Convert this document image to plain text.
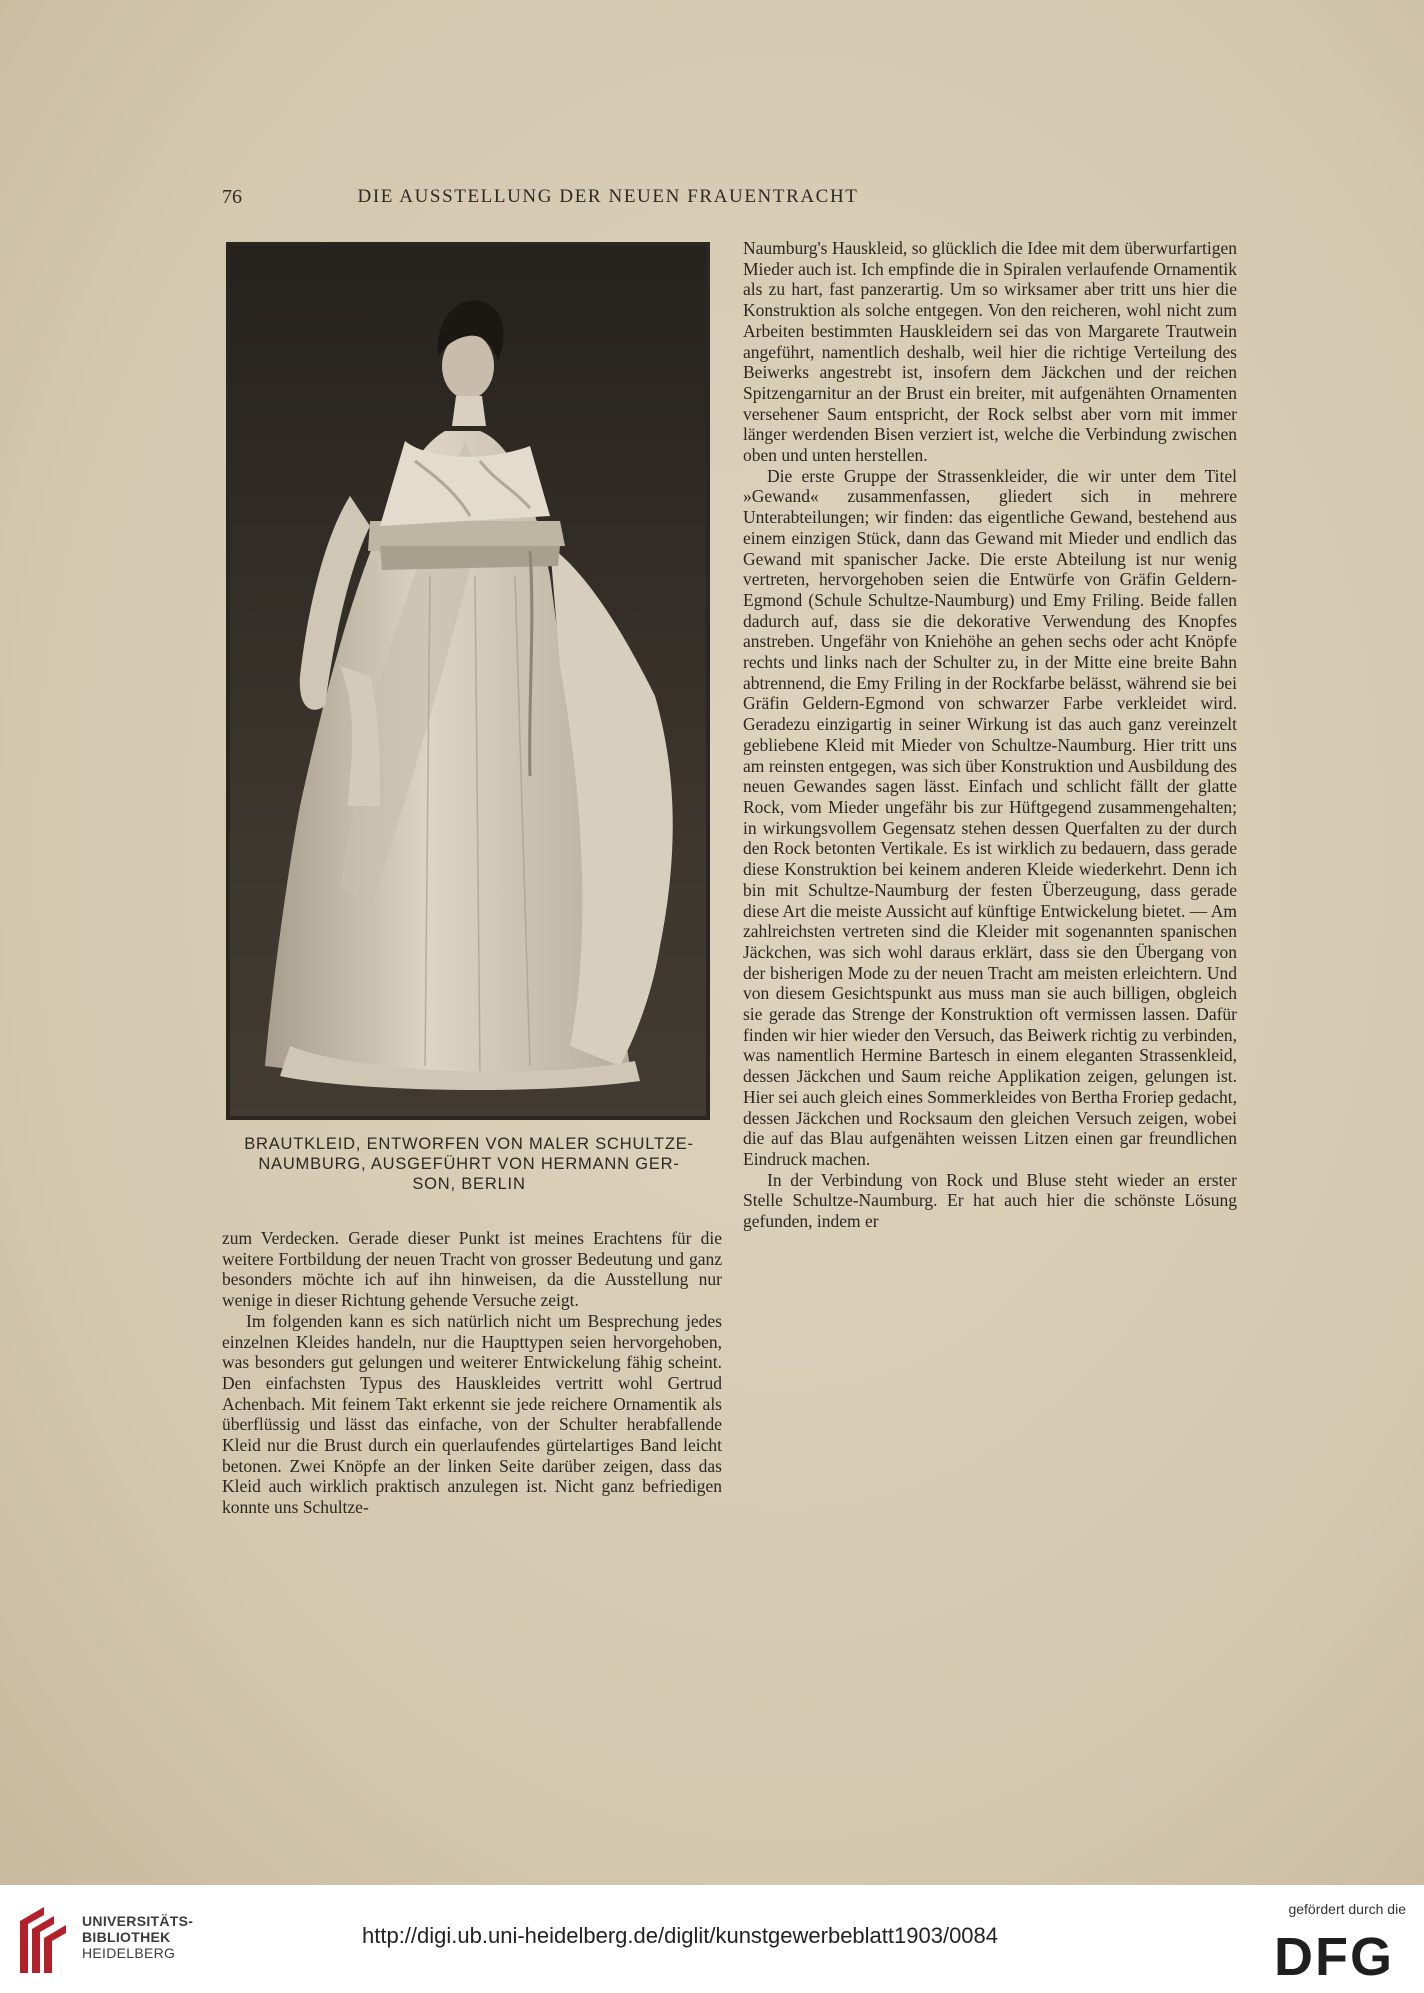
76	DIE AUSSTELLUNG DER NEUEN FRAUENTRACHT
BRAUTKLEID, ENTWORFEN VON MALER SCHULTZE-
NAUMBURG, AUSGEFÜHRT VON HERMANN GER-
SON, BERLIN

zum Verdecken. Gerade dieser Punkt ist meines Erachtens für die weitere Fortbildung der neuen Tracht von grosser Bedeutung und ganz besonders möchte ich auf ihn hinweisen, da die Ausstellung nur wenige in dieser Richtung gehende Versuche zeigt.

Im folgenden kann es sich natürlich nicht um Besprechung jedes einzelnen Kleides handeln, nur die Haupttypen seien hervorgehoben, was besonders gut gelungen und weiterer Entwickelung fähig scheint. Den einfachsten Typus des Hauskleides vertritt wohl Gertrud Achenbach. Mit feinem Takt erkennt sie jede reichere Ornamentik als überflüssig und lässt das einfache, von der Schulter herabfallende Kleid nur die Brust durch ein querlaufendes gürtelartiges Band leicht betonen. Zwei Knöpfe an der linken Seite darüber zeigen, dass das Kleid auch wirklich praktisch anzulegen ist. Nicht ganz befriedigen konnte uns Schultze-

Naumburg's Hauskleid, so glücklich die Idee mit dem überwurfartigen Mieder auch ist. Ich empfinde die in Spiralen verlaufende Ornamentik als zu hart, fast panzerartig. Um so wirksamer aber tritt uns hier die Konstruktion als solche entgegen. Von den reicheren, wohl nicht zum Arbeiten bestimmten Hauskleidern sei das von Margarete Trautwein angeführt, namentlich deshalb, weil hier die richtige Verteilung des Beiwerks angestrebt ist, insofern dem Jäckchen und der reichen Spitzengarnitur an der Brust ein breiter, mit aufgenähten Ornamenten versehener Saum entspricht, der Rock selbst aber vorn mit immer länger werdenden Bisen verziert ist, welche die Verbindung zwischen oben und unten herstellen.

Die erste Gruppe der Strassenkleider, die wir unter dem Titel »Gewand« zusammenfassen, gliedert sich in mehrere Unterabteilungen; wir finden: das eigentliche Gewand, bestehend aus einem einzigen Stück, dann das Gewand mit Mieder und endlich das Gewand mit spanischer Jacke. Die erste Abteilung ist nur wenig vertreten, hervorgehoben seien die Entwürfe von Gräfin Geldern-Egmond (Schule Schultze-Naumburg) und Emy Friling. Beide fallen dadurch auf, dass sie die dekorative Verwendung des Knopfes anstreben. Ungefähr von Kniehöhe an gehen sechs oder acht Knöpfe rechts und links nach der Schulter zu, in der Mitte eine breite Bahn abtrennend, die Emy Friling in der Rockfarbe belässt, während sie bei Gräfin Geldern-Egmond von schwarzer Farbe verkleidet wird. Geradezu einzigartig in seiner Wirkung ist das auch ganz vereinzelt gebliebene Kleid mit Mieder von Schultze-Naumburg. Hier tritt uns am reinsten entgegen, was sich über Konstruktion und Ausbildung des neuen Gewandes sagen lässt. Einfach und schlicht fällt der glatte Rock, vom Mieder ungefähr bis zur Hüftgegend zusammengehalten; in wirkungsvollem Gegensatz stehen dessen Querfalten zu der durch den Rock betonten Vertikale. Es ist wirklich zu bedauern, dass gerade diese Konstruktion bei keinem anderen Kleide wiederkehrt. Denn ich bin mit Schultze-Naumburg der festen Überzeugung, dass gerade diese Art die meiste Aussicht auf künftige Entwickelung bietet. — Am zahlreichsten vertreten sind die Kleider mit sogenannten spanischen Jäckchen, was sich wohl daraus erklärt, dass sie den Übergang von der bisherigen Mode zu der neuen Tracht am meisten erleichtern. Und von diesem Gesichtspunkt aus muss man sie auch billigen, obgleich sie gerade das Strenge der Konstruktion oft vermissen lassen. Dafür finden wir hier wieder den Versuch, das Beiwerk richtig zu verbinden, was namentlich Hermine Bartesch in einem eleganten Strassenkleid, dessen Jäckchen und Saum reiche Applikation zeigen, gelungen ist. Hier sei auch gleich eines Sommerkleides von Bertha Froriep gedacht, dessen Jäckchen und Rocksaum den gleichen Versuch zeigen, wobei die auf das Blau aufgenähten weissen Litzen einen gar freundlichen Eindruck machen.

In der Verbindung von Rock und Bluse steht wieder an erster Stelle Schultze-Naumburg. Er hat auch hier die schönste Lösung gefunden, indem er

UNIVERSITÄTS-
BIBLIOTHEK
HEIDELBERG
http://digi.ub.uni-heidelberg.de/diglit/kunstgewerbeblatt1903/0084
gefördert durch die
DFG
